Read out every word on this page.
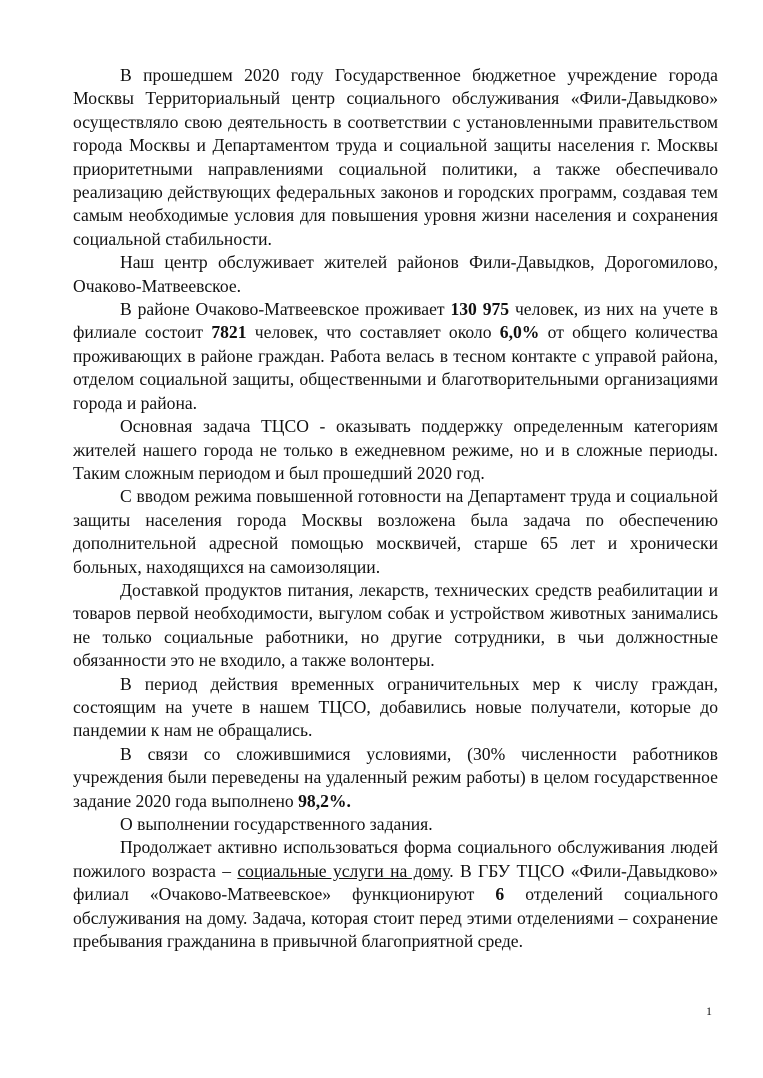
В прошедшем 2020 году Государственное бюджетное учреждение города Москвы Территориальный центр социального обслуживания «Фили-Давыдково» осуществляло свою деятельность в соответствии с установленными правительством города Москвы и Департаментом труда и социальной защиты населения г. Москвы приоритетными направлениями социальной политики, а также обеспечивало реализацию действующих федеральных законов и городских программ, создавая тем самым необходимые условия для повышения уровня жизни населения и сохранения социальной стабильности.

Наш центр обслуживает жителей районов Фили-Давыдков, Дорогомилово, Очаково-Матвеевское.

В районе Очаково-Матвеевское проживает 130 975 человек, из них на учете в филиале состоит 7821 человек, что составляет около 6,0% от общего количества проживающих в районе граждан. Работа велась в тесном контакте с управой района, отделом социальной защиты, общественными и благотворительными организациями города и района.

Основная задача ТЦСО - оказывать поддержку определенным категориям жителей нашего города не только в ежедневном режиме, но и в сложные периоды. Таким сложным периодом и был прошедший 2020 год.

С вводом режима повышенной готовности на Департамент труда и социальной защиты населения города Москвы возложена была задача по обеспечению дополнительной адресной помощью москвичей, старше 65 лет и хронически больных, находящихся на самоизоляции.

Доставкой продуктов питания, лекарств, технических средств реабилитации и товаров первой необходимости, выгулом собак и устройством животных занимались не только социальные работники, но другие сотрудники, в чьи должностные обязанности это не входило, а также волонтеры.

В период действия временных ограничительных мер к числу граждан, состоящим на учете в нашем ТЦСО, добавились новые получатели, которые до пандемии к нам не обращались.

В связи со сложившимися условиями, (30% численности работников учреждения были переведены на удаленный режим работы) в целом государственное задание 2020 года выполнено 98,2%.

О выполнении государственного задания.

Продолжает активно использоваться форма социального обслуживания людей пожилого возраста – социальные услуги на дому. В ГБУ ТЦСО «Фили-Давыдково» филиал «Очаково-Матвеевское» функционируют 6 отделений социального обслуживания на дому. Задача, которая стоит перед этими отделениями – сохранение пребывания гражданина в привычной благоприятной среде.

1
